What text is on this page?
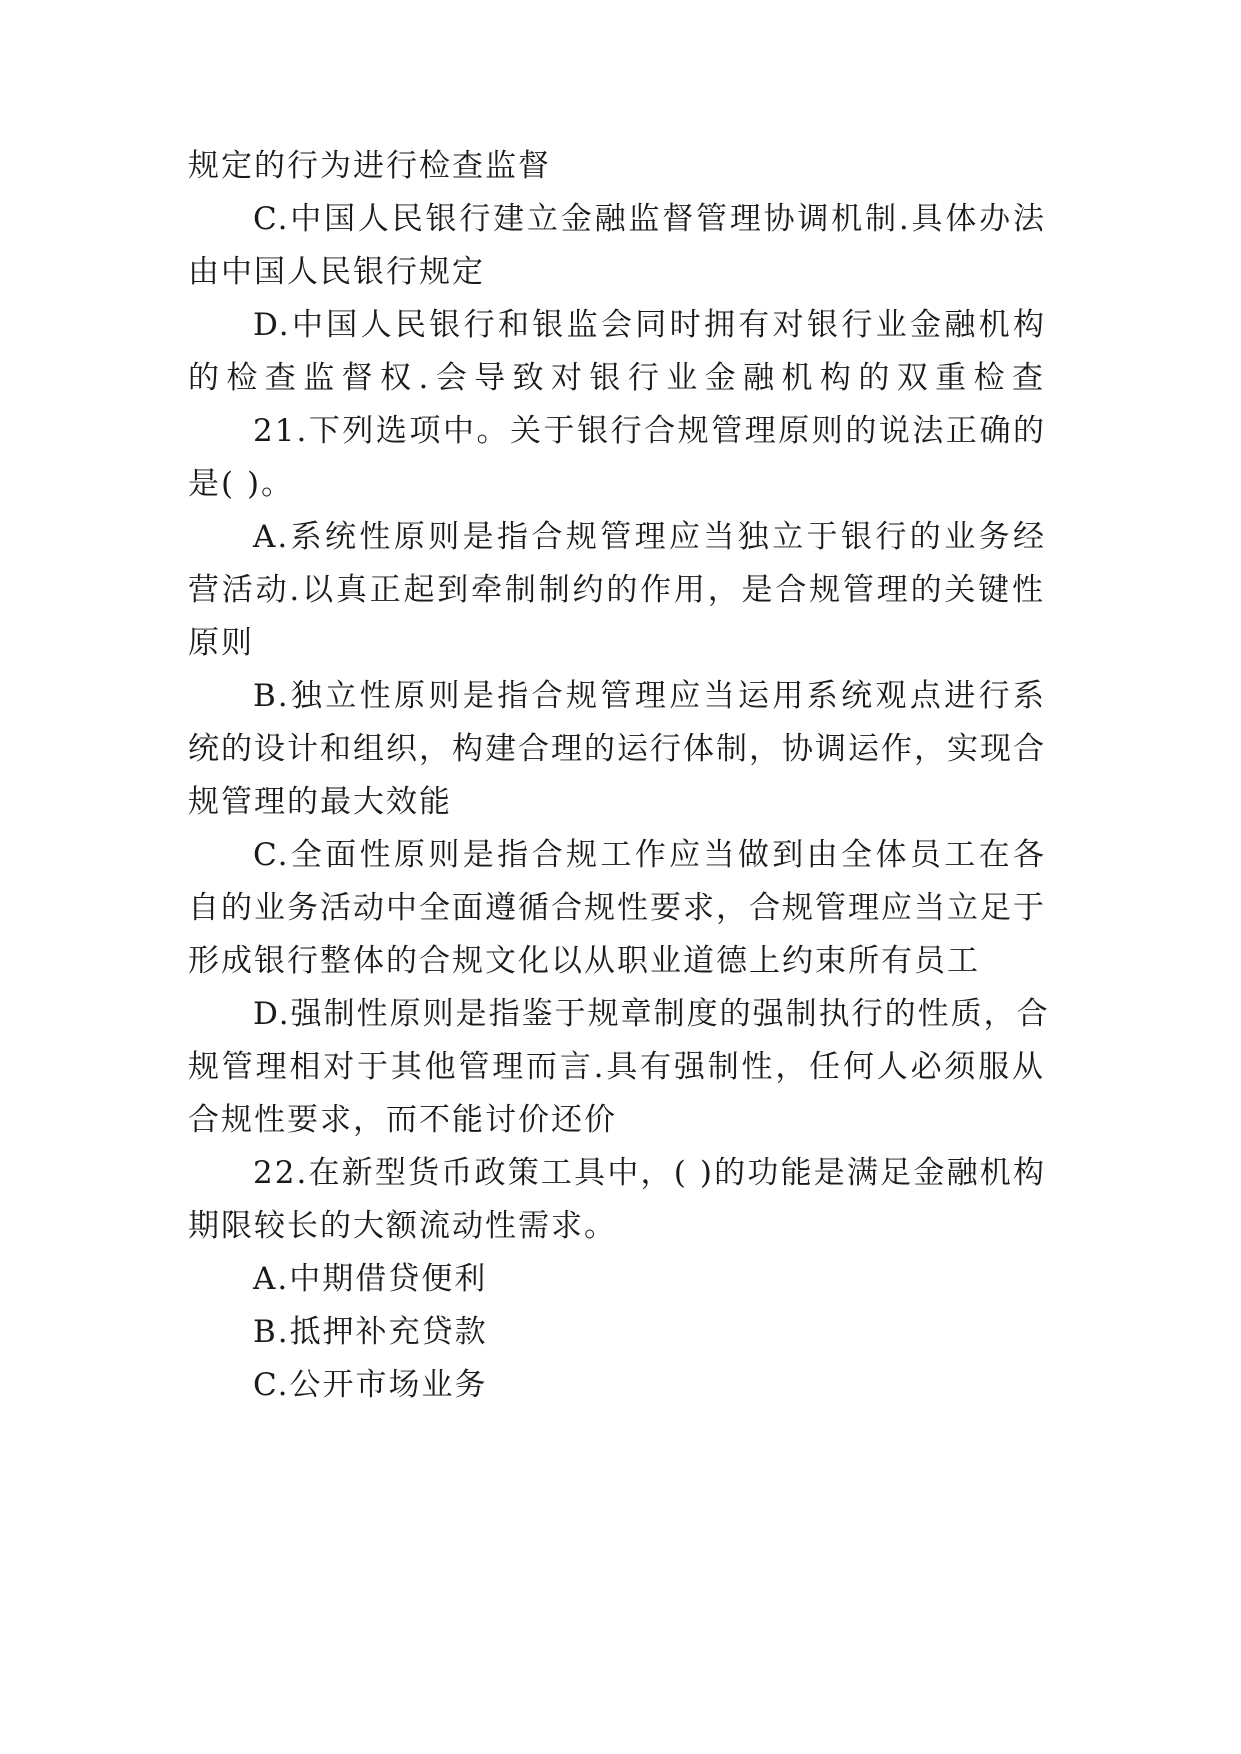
规定的行为进行检查监督
C.中国人民银行建立金融监督管理协调机制.具体办法
由中国人民银行规定
D.中国人民银行和银监会同时拥有对银行业金融机构
的检查监督权.会导致对银行业金融机构的双重检查
21.下列选项中。关于银行合规管理原则的说法正确的
是( )。
A.系统性原则是指合规管理应当独立于银行的业务经
营活动.以真正起到牵制制约的作用，是合规管理的关键性
原则
B.独立性原则是指合规管理应当运用系统观点进行系
统的设计和组织，构建合理的运行体制，协调运作，实现合
规管理的最大效能
C.全面性原则是指合规工作应当做到由全体员工在各
自的业务活动中全面遵循合规性要求，合规管理应当立足于
形成银行整体的合规文化以从职业道德上约束所有员工
D.强制性原则是指鉴于规章制度的强制执行的性质，合
规管理相对于其他管理而言.具有强制性，任何人必须服从
合规性要求，而不能讨价还价
22.在新型货币政策工具中，( )的功能是满足金融机构
期限较长的大额流动性需求。
A.中期借贷便利
B.抵押补充贷款
C.公开市场业务
